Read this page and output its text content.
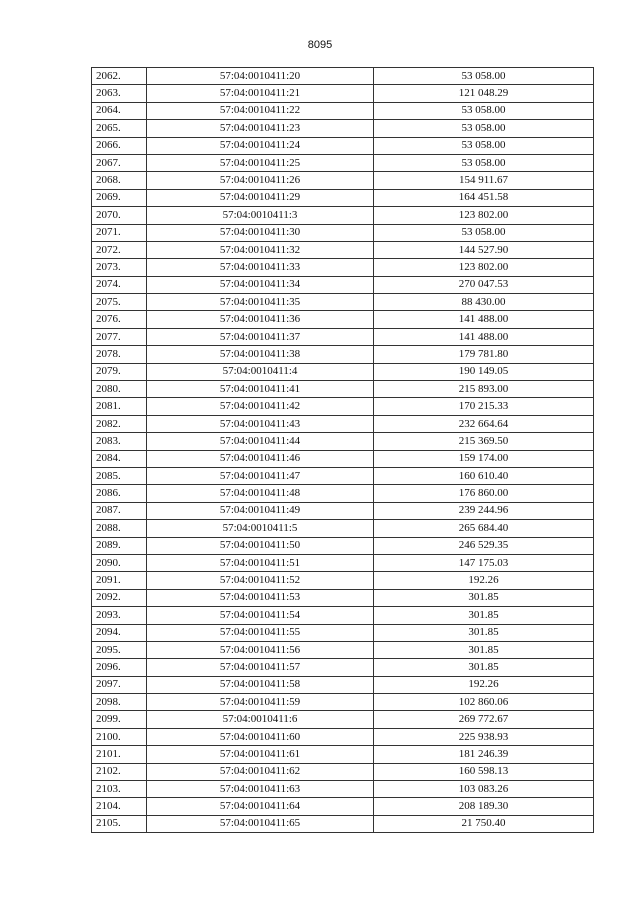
8095
2062.	57:04:0010411:20	53 058.00
2063.	57:04:0010411:21	121 048.29
2064.	57:04:0010411:22	53 058.00
2065.	57:04:0010411:23	53 058.00
2066.	57:04:0010411:24	53 058.00
2067.	57:04:0010411:25	53 058.00
2068.	57:04:0010411:26	154 911.67
2069.	57:04:0010411:29	164 451.58
2070.	57:04:0010411:3	123 802.00
2071.	57:04:0010411:30	53 058.00
2072.	57:04:0010411:32	144 527.90
2073.	57:04:0010411:33	123 802.00
2074.	57:04:0010411:34	270 047.53
2075.	57:04:0010411:35	88 430.00
2076.	57:04:0010411:36	141 488.00
2077.	57:04:0010411:37	141 488.00
2078.	57:04:0010411:38	179 781.80
2079.	57:04:0010411:4	190 149.05
2080.	57:04:0010411:41	215 893.00
2081.	57:04:0010411:42	170 215.33
2082.	57:04:0010411:43	232 664.64
2083.	57:04:0010411:44	215 369.50
2084.	57:04:0010411:46	159 174.00
2085.	57:04:0010411:47	160 610.40
2086.	57:04:0010411:48	176 860.00
2087.	57:04:0010411:49	239 244.96
2088.	57:04:0010411:5	265 684.40
2089.	57:04:0010411:50	246 529.35
2090.	57:04:0010411:51	147 175.03
2091.	57:04:0010411:52	192.26
2092.	57:04:0010411:53	301.85
2093.	57:04:0010411:54	301.85
2094.	57:04:0010411:55	301.85
2095.	57:04:0010411:56	301.85
2096.	57:04:0010411:57	301.85
2097.	57:04:0010411:58	192.26
2098.	57:04:0010411:59	102 860.06
2099.	57:04:0010411:6	269 772.67
2100.	57:04:0010411:60	225 938.93
2101.	57:04:0010411:61	181 246.39
2102.	57:04:0010411:62	160 598.13
2103.	57:04:0010411:63	103 083.26
2104.	57:04:0010411:64	208 189.30
2105.	57:04:0010411:65	21 750.40
